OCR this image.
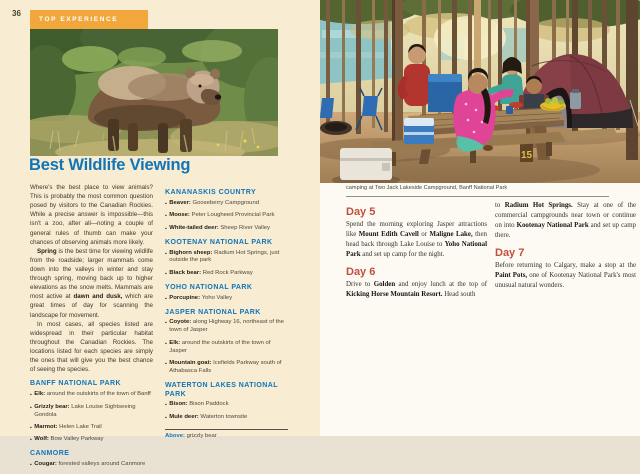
36
TOP EXPERIENCE
Best Wildlife Viewing

Where's the best place to view animals? This is probably the most common question posed by visitors to the Canadian Rockies. While a precise answer is impossible—this isn't a zoo, after all—noting a couple of general rules of thumb can make your chances of observing animals more likely.

Spring is the best time for viewing wildlife from the roadside; larger mammals come down into the valleys in winter and stay through spring, moving back up to higher elevations as the snow melts. Mammals are most active at dawn and dusk, which are great times of day for scanning the landscape for movement.

In most cases, all species listed are widespread in their particular habitat throughout the Canadian Rockies. The locations listed for each species are simply the ones that will give you the best chance of seeing the species.

BANFF NATIONAL PARK
▪ Elk: around the outskirts of the town of Banff
▪ Grizzly bear: Lake Louise Sightseeing Gondola
▪ Marmot: Helen Lake Trail
▪ Wolf: Bow Valley Parkway
CANMORE
▪ Cougar: forested valleys around Canmore
KANANASKIS COUNTRY
▪ Beaver: Gooseberry Campground
▪ Moose: Peter Lougheed Provincial Park
▪ White-tailed deer: Sheep River Valley
KOOTENAY NATIONAL PARK
▪ Bighorn sheep: Radium Hot Springs, just outside the park
▪ Black bear: Red Rock Parkway
YOHO NATIONAL PARK
▪ Porcupine: Yoho Valley
JASPER NATIONAL PARK
▪ Coyote: along Highway 16, northeast of the town of Jasper
▪ Elk: around the outskirts of the town of Jasper
▪ Mountain goat: Icefields Parkway south of Athabasca Falls
WATERTON LAKES NATIONAL PARK
▪ Bison: Bison Paddock
▪ Mule deer: Waterton townsite
Above: grizzly bear
15
camping at Two Jack Lakeside Campground, Banff National Park
Day 5

Spend the morning exploring Jasper attractions like Mount Edith Cavell or Maligne Lake, then head back through Lake Louise to Yoho National Park and set up camp for the night.

Day 6

Drive to Golden and enjoy lunch at the top of Kicking Horse Mountain Resort. Head south

to Radium Hot Springs. Stay at one of the commercial campgrounds near town or continue on into Kootenay National Park and set up camp there.

Day 7

Before returning to Calgary, make a stop at the Paint Pots, one of Kootenay National Park's most unusual natural wonders.
